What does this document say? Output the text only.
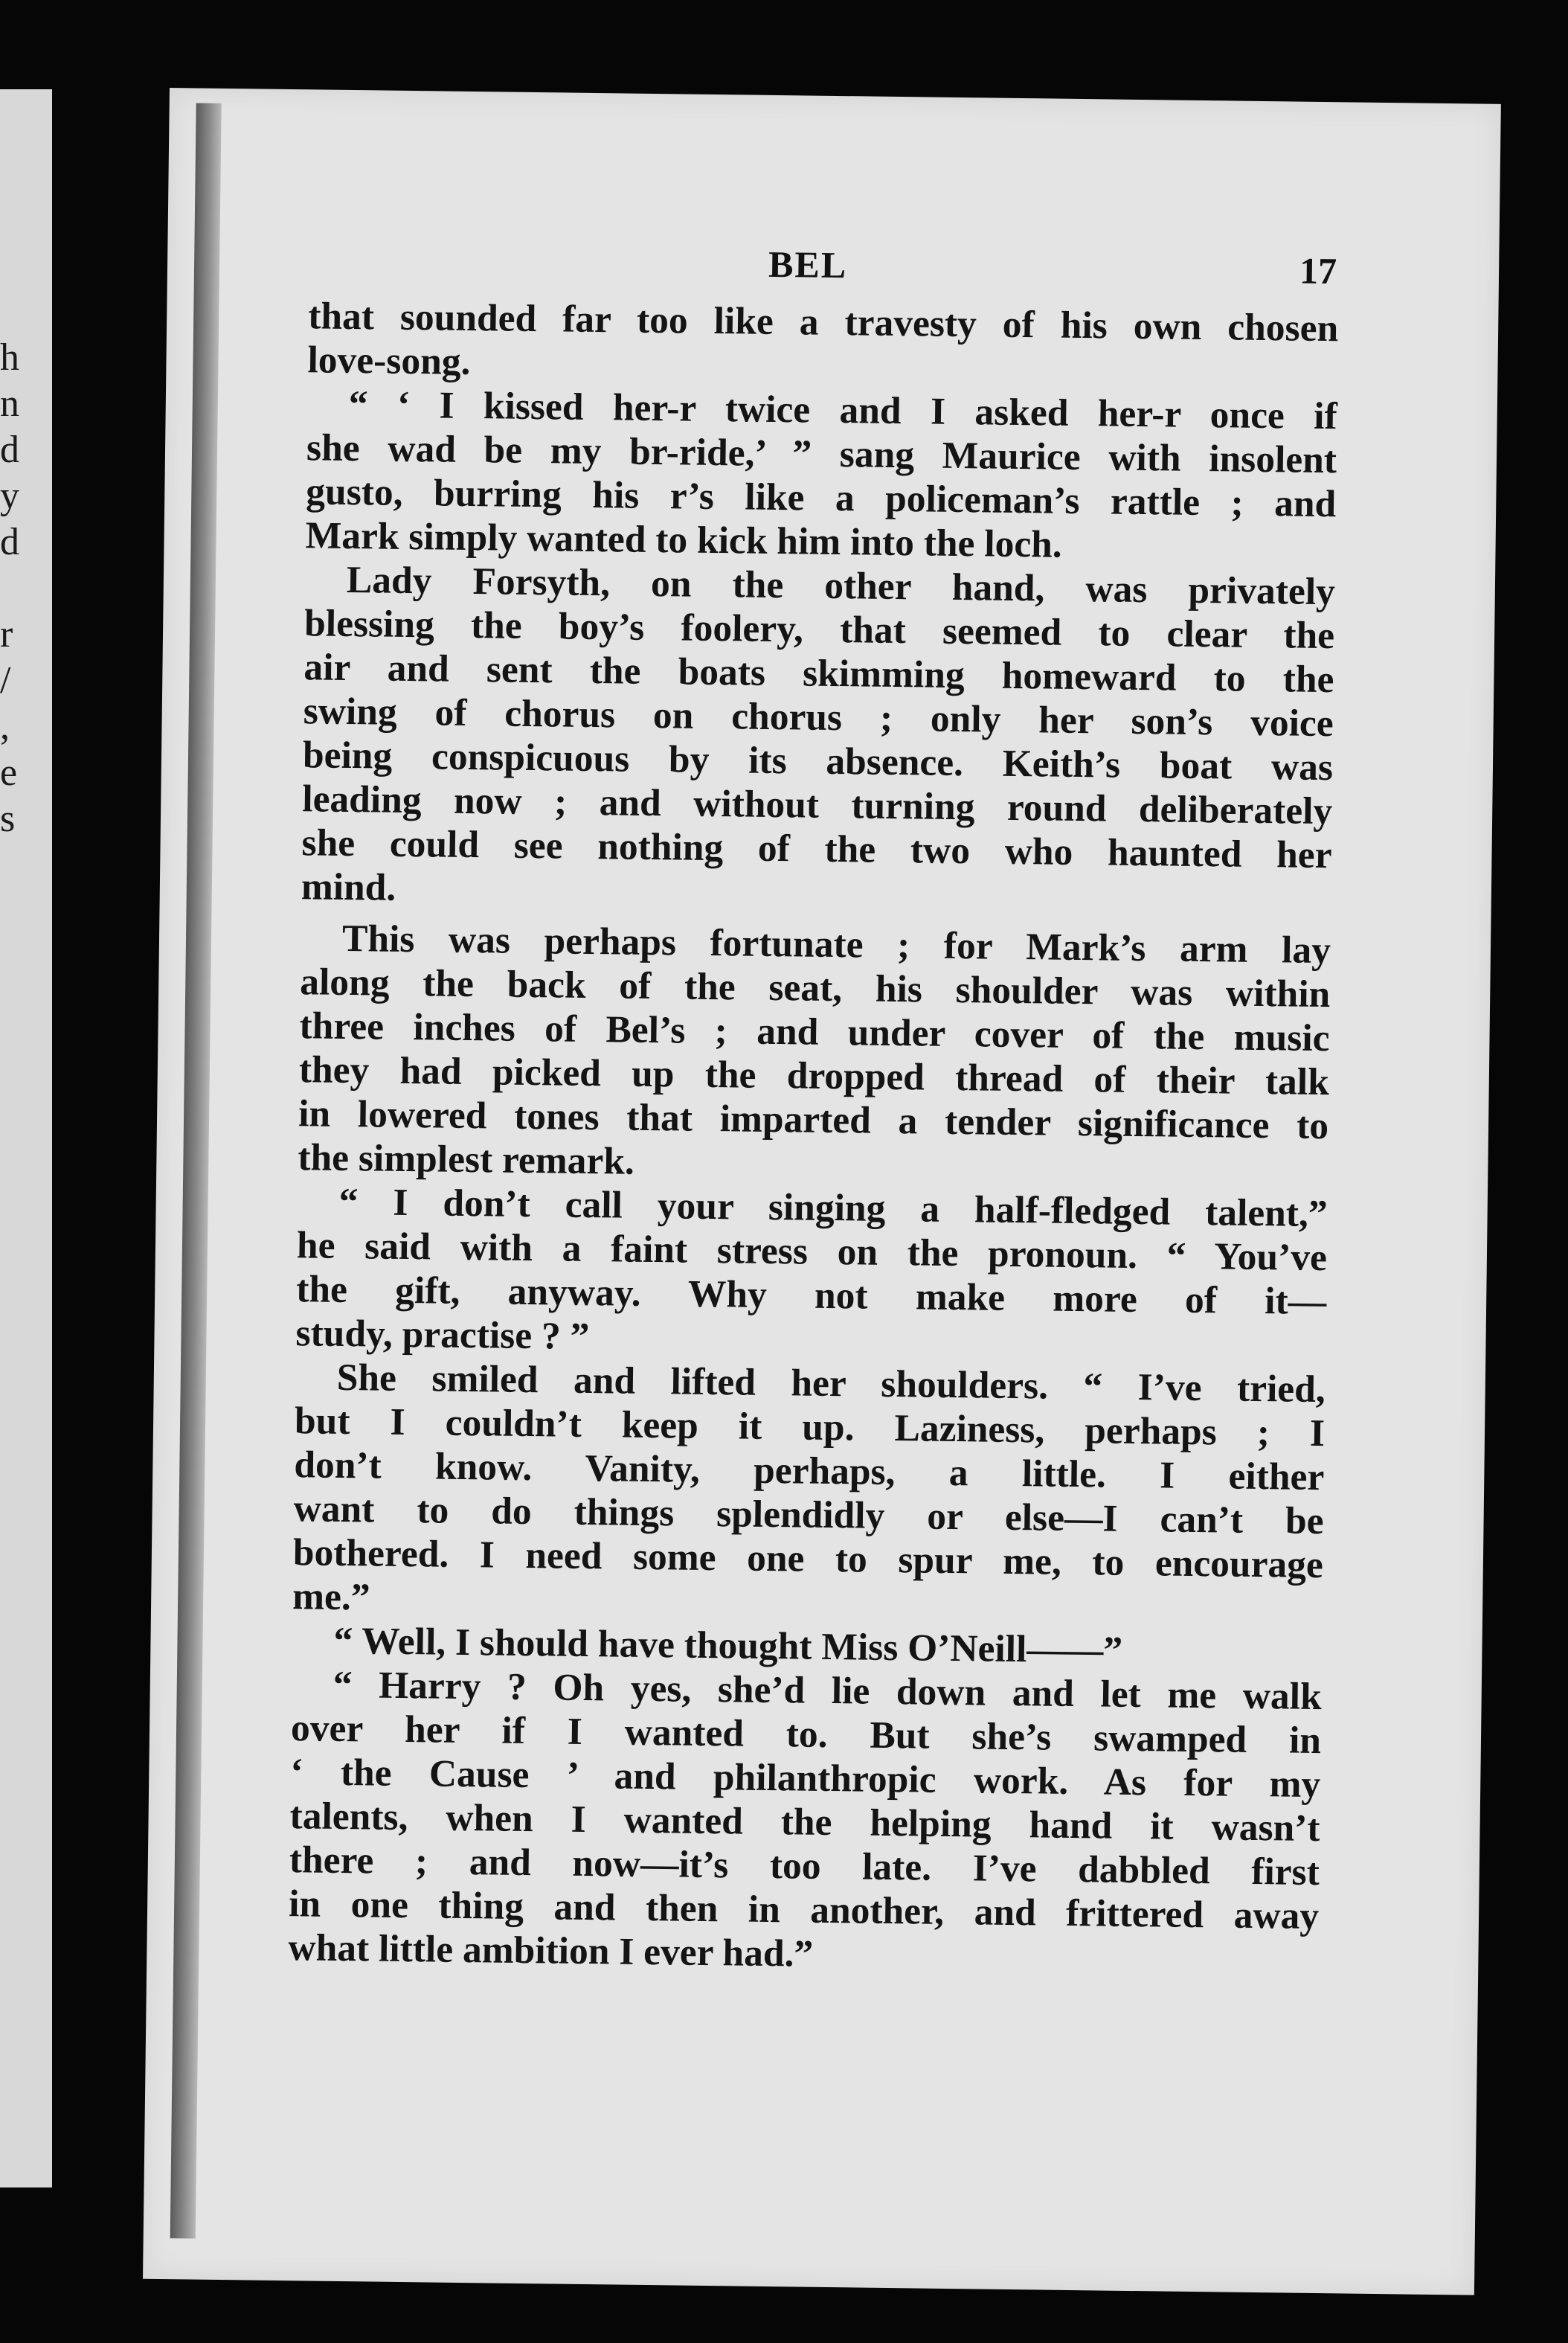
h
n
d
y
d
r
/
,
e
s
BEL	17
that sounded far too like a travesty of his own chosen
love-song.
“ ‘ I kissed her-r twice and I asked her-r once if
she wad be my br-ride,’ ” sang Maurice with insolent
gusto, burring his r’s like a policeman’s rattle ; and
Mark simply wanted to kick him into the loch.
Lady Forsyth, on the other hand, was privately
blessing the boy’s foolery, that seemed to clear the
air and sent the boats skimming homeward to the
swing of chorus on chorus ; only her son’s voice
being conspicuous by its absence. Keith’s boat was
leading now ; and without turning round deliberately
she could see nothing of the two who haunted her
mind.
This was perhaps fortunate ; for Mark’s arm lay
along the back of the seat, his shoulder was within
three inches of Bel’s ; and under cover of the music
they had picked up the dropped thread of their talk
in lowered tones that imparted a tender significance to
the simplest remark.
“ I don’t call your singing a half-fledged talent,”
he said with a faint stress on the pronoun. “ You’ve
the gift, anyway. Why not make more of it—
study, practise ? ”
She smiled and lifted her shoulders. “ I’ve tried,
but I couldn’t keep it up. Laziness, perhaps ; I
don’t know. Vanity, perhaps, a little. I either
want to do things splendidly or else—I can’t be
bothered. I need some one to spur me, to encourage
me.”
“ Well, I should have thought Miss O’Neill——”
“ Harry ? Oh yes, she’d lie down and let me walk
over her if I wanted to. But she’s swamped in
‘ the Cause ’ and philanthropic work. As for my
talents, when I wanted the helping hand it wasn’t
there ; and now—it’s too late. I’ve dabbled first
in one thing and then in another, and frittered away
what little ambition I ever had.”
